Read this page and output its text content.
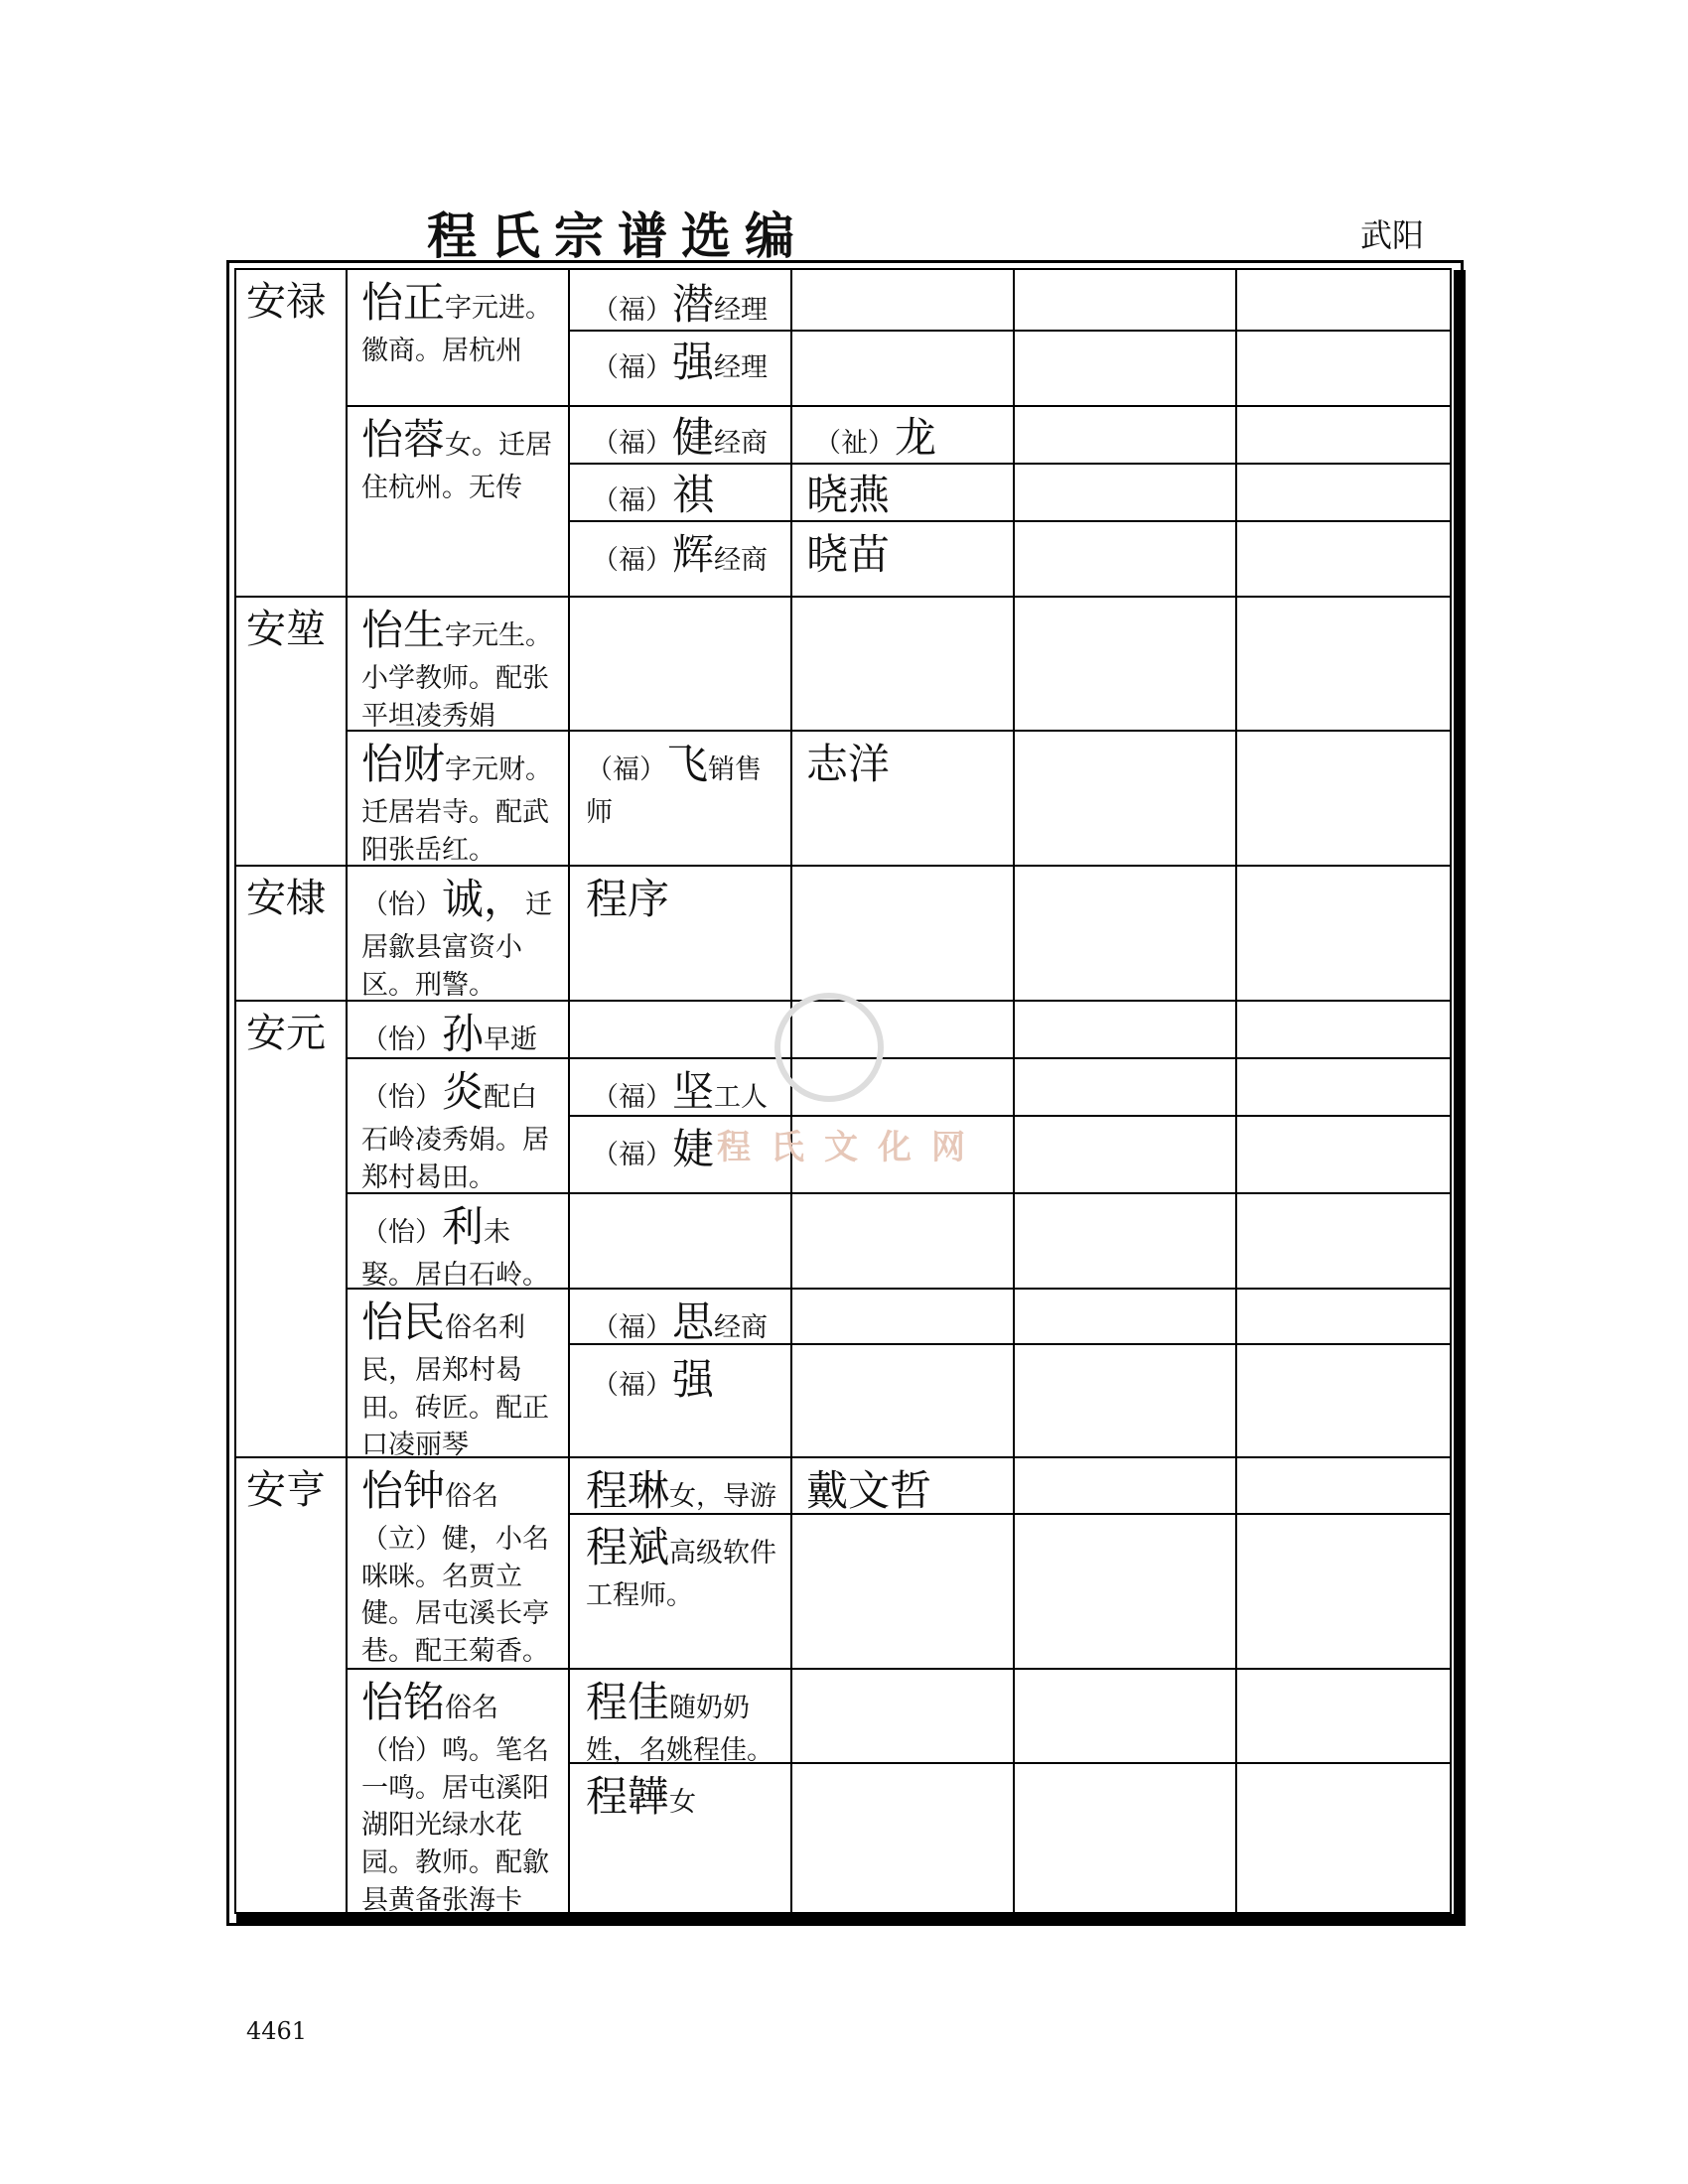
程氏宗谱选编	武阳
安禄
安堃
安棣
安元
安亨
怡正字元进。徽商。居杭州
怡蓉女。迁居住杭州。无传
怡生字元生。小学教师。配张平坦凌秀娟
怡财字元财。迁居岩寺。配武阳张岳红。
（怡）诚，迁居歙县富资小区。刑警。
（怡）孙早逝
（怡）炎配白石岭凌秀娟。居郑村曷田。
（怡）利未娶。居白石岭。
怡民俗名利民，居郑村曷田。砖匠。配正口凌丽琴
怡钟俗名（立）健，小名咪咪。名贾立健。居屯溪长亭巷。配王菊香。
怡铭俗名（怡）鸣。笔名一鸣。居屯溪阳湖阳光绿水花园。教师。配歙县黄备张海卡
（福）潜经理
（福）强经理
（福）健经商
（福）祺
（福）辉经商
（福）飞销售师
程序
（福）坚工人
（福）婕
（福）思经商
（福）强
程琳女，导游
程斌高级软件工程师。
程佳随奶奶姓，名姚程佳。
程韡女
（祉）龙
晓燕
晓苗
志洋
戴文哲
程氏文化网
4461
